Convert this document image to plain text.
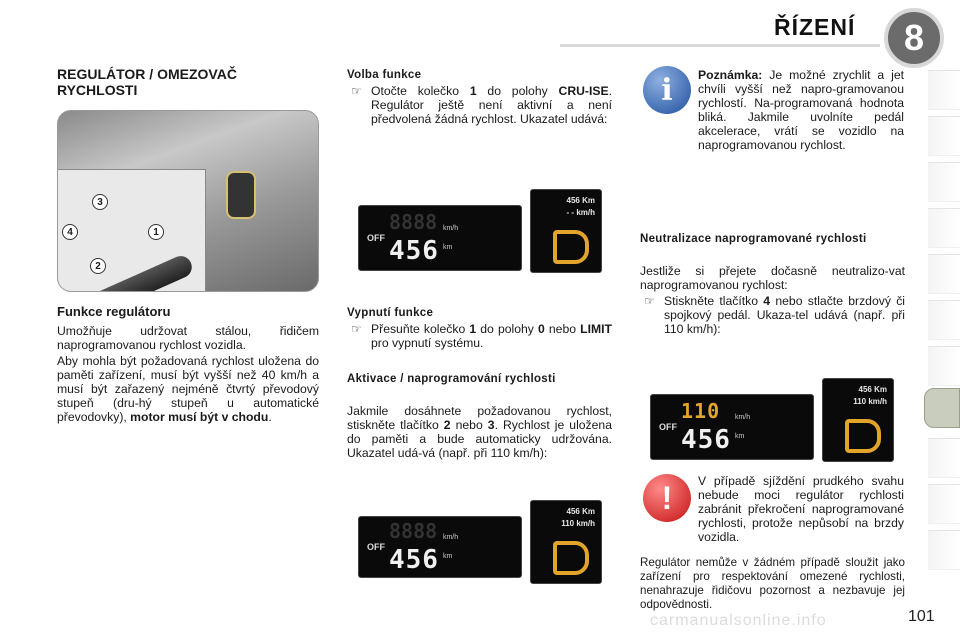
ŘÍZENÍ	8
REGULÁTOR / OMEZOVAČ RYCHLOSTI
3
4	1
2
Funkce regulátoru

Umožňuje udržovat stálou, řidičem naprogramovanou rychlost vozidla.

Aby mohla být požadovaná rychlost uložena do paměti zařízení, musí být vyšší než 40 km/h a musí být zařazený nejméně čtvrtý převodový stupeň (dru-hý stupeň u automatické převodovky), motor musí být v chodu.

Volba funkce
☞ Otočte kolečko 1 do polohy CRU-ISE. Regulátor ještě není aktivní a není předvolená žádná rychlost. Ukazatel udává:
OFF
8888
456
km/h
km
456 Km
- - km/h
Vypnutí funkce
☞ Přesuňte kolečko 1 do polohy 0 nebo LIMIT pro vypnutí systému.
Aktivace / naprogramování rychlosti

Jakmile dosáhnete požadovanou rychlost, stiskněte tlačítko 2 nebo 3. Rychlost je uložena do paměti a bude automaticky udržována. Ukazatel udá-vá (např. při 110 km/h):

OFF
8888
456
km/h
km
456 Km
110 km/h
i	Poznámka: Je možné zrychlit a jet chvíli vyšší než napro-gramovanou rychlostí. Na-programovaná hodnota bliká. Jakmile uvolníte pedál akcelerace, vrátí se vozidlo na naprogramovanou rychlost.

Neutralizace naprogramované rychlosti

Jestliže si přejete dočasně neutralizo-vat naprogramovanou rychlost:

☞ Stiskněte tlačítko 4 nebo stlačte brzdový či spojkový pedál. Ukaza-tel udává (např. při 110 km/h):
OFF
110
456
km/h
km
456 Km
110 km/h
!	V případě sjíždění prudkého svahu nebude moci regulátor rychlosti zabránit překročení naprogramované rychlosti, protože nepůsobí na brzdy vozidla.

Regulátor nemůže v žádném případě sloužit jako zařízení pro respektování omezené rychlosti, nenahrazuje řidičovu pozornost a nezbavuje jej odpovědnosti.

carmanualsonline.info	101
